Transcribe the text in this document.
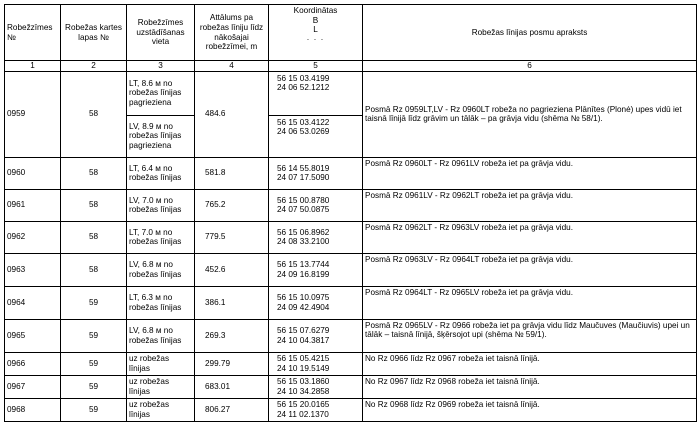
Robežzīmes №	Robežas kartes lapas №	Robežzīmes uzstādīšanas vieta	Attālums pa robežas līniju līdz nākošajai robežzīmei, m	Koordinātas
B
L
· · ·	Robežas līnijas posmu apraksts
1	2	3	4	5	6
0959	58	LT, 8.6 м no robežas līnijas pagrieziena	484.6	56 15 03.4199
24 06 52.1212	Posmā Rz 0959LT,LV - Rz 0960LT robeža no pagrieziena Plānītes (Plonė) upes vidū iet taisnā līnijā līdz grāvim un tālāk – pa grāvja vidu (shēma № 58/1).
		LV, 8.9 м no robežas līnijas pagrieziena		56 15 03.4122
24 06 53.0269	

0960	58	LT, 6.4 м no robežas līnijas	581.8	56 14 55.8019
24 07 17.5090	Posmā Rz 0960LT - Rz 0961LV robeža iet pa grāvja vidu.
0961	58	LV, 7.0 м no robežas līnijas	765.2	56 15 00.8780
24 07 50.0875	Posmā Rz 0961LV - Rz 0962LT robeža iet pa grāvja vidu.
0962	58	LT, 7.0 м no robežas līnijas	779.5	56 15 06.8962
24 08 33.2100	Posmā Rz 0962LT - Rz 0963LV robeža iet pa grāvja vidu.
0963	58	LV, 6.8 м no robežas līnijas	452.6	56 15 13.7744
24 09 16.8199	Posmā Rz 0963LV - Rz 0964LT robeža iet pa grāvja vidu.
0964	59	LT, 6.3 м no robežas līnijas	386.1	56 15 10.0975
24 09 42.4904	Posmā Rz 0964LT - Rz 0965LV robeža iet pa grāvja vidu.
0965	59	LV, 6.8 м no robežas līnijas	269.3	56 15 07.6279
24 10 04.3817	Posmā Rz 0965LV - Rz 0966 robeža iet pa grāvja vidu līdz Maučuves (Maučiuvis) upei un tālāk – taisnā līnijā, šķērsojot upi (shēma № 59/1).
0966	59	uz robežas līnijas	299.79	56 15 05.4215
24 10 19.5149	No Rz 0966 līdz Rz 0967 robeža iet taisnā līnijā.
0967	59	uz robežas līnijas	683.01	56 15 03.1860
24 10 34.2858	No Rz 0967 līdz Rz 0968 robeža iet taisnā līnijā.
0968	59	uz robežas līnijas	806.27	56 15 20.0165
24 11 02.1370	No Rz 0968 līdz Rz 0969 robeža iet taisnā līnijā.
